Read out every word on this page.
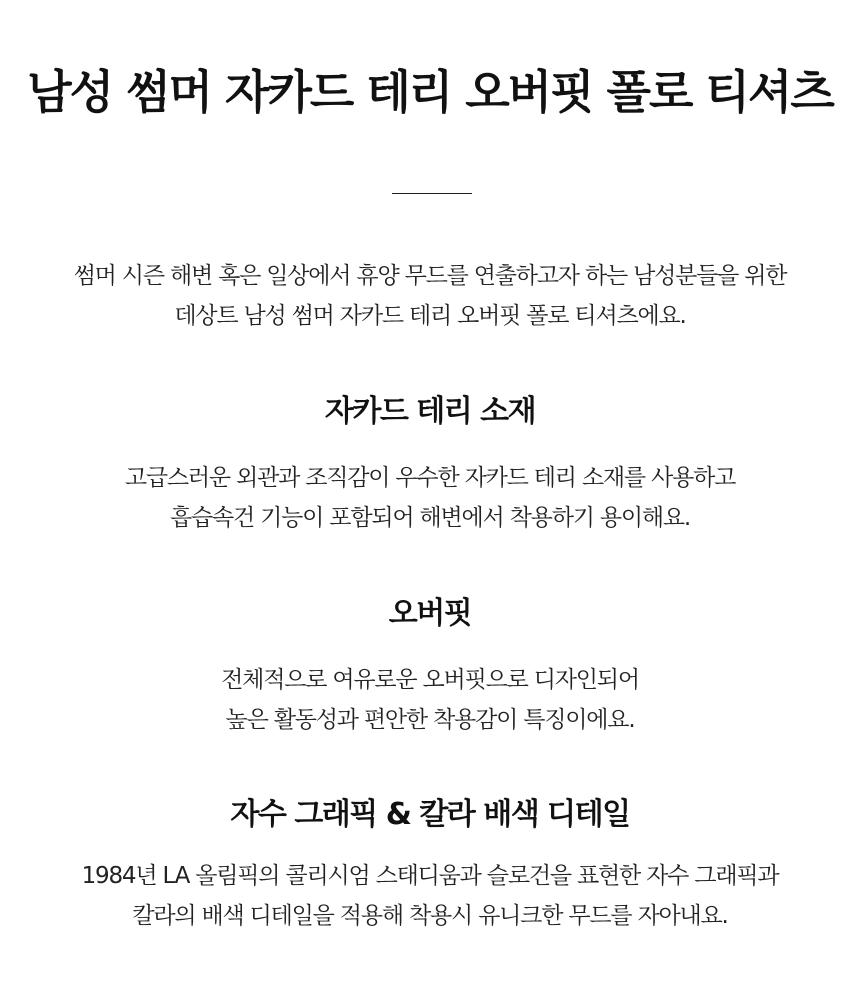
남성 썸머 자카드 테리 오버핏 폴로 티셔츠

썸머 시즌 해변 혹은 일상에서 휴양 무드를 연출하고자 하는 남성분들을 위한
데상트 남성 썸머 자카드 테리 오버핏 폴로 티셔츠에요.

자카드 테리 소재

고급스러운 외관과 조직감이 우수한 자카드 테리 소재를 사용하고
흡습속건 기능이 포함되어 해변에서 착용하기 용이해요.

오버핏

전체적으로 여유로운 오버핏으로 디자인되어
높은 활동성과 편안한 착용감이 특징이에요.

자수 그래픽 & 칼라 배색 디테일

1984년 LA 올림픽의 콜리시엄 스태디움과 슬로건을 표현한 자수 그래픽과
칼라의 배색 디테일을 적용해 착용시 유니크한 무드를 자아내요.
